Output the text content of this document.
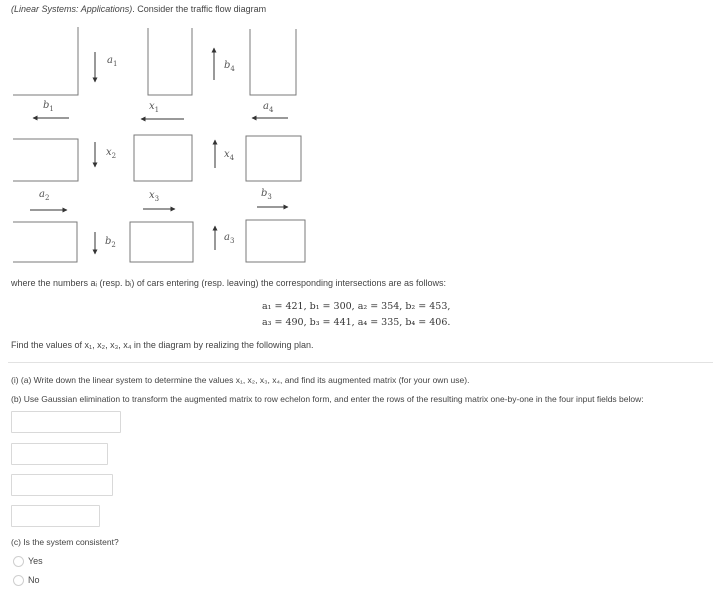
(Linear Systems: Applications). Consider the traffic flow diagram
$a_1$	$b_4$
$b_1$	$x_1$	$a_4$
$x_2$	$x_4$
$a_2$	$x_3$	$b_3$
$b_2$
$a_3$
where the numbers aᵢ (resp. bᵢ) of cars entering (resp. leaving) the corresponding intersections are as follows:
a₁ = 421, b₁ = 300, a₂ = 354, b₂ = 453,
a₃ = 490, b₃ = 441, a₄ = 335, b₄ = 406.
Find the values of x₁, x₂, x₃, x₄ in the diagram by realizing the following plan.
(i) (a) Write down the linear system to determine the values x₁, x₂, x₃, x₄, and find its augmented matrix (for your own use).
(b) Use Gaussian elimination to transform the augmented matrix to row echelon form, and enter the rows of the resulting matrix one-by-one in the four input fields below:
(c) Is the system consistent?
Yes
No
